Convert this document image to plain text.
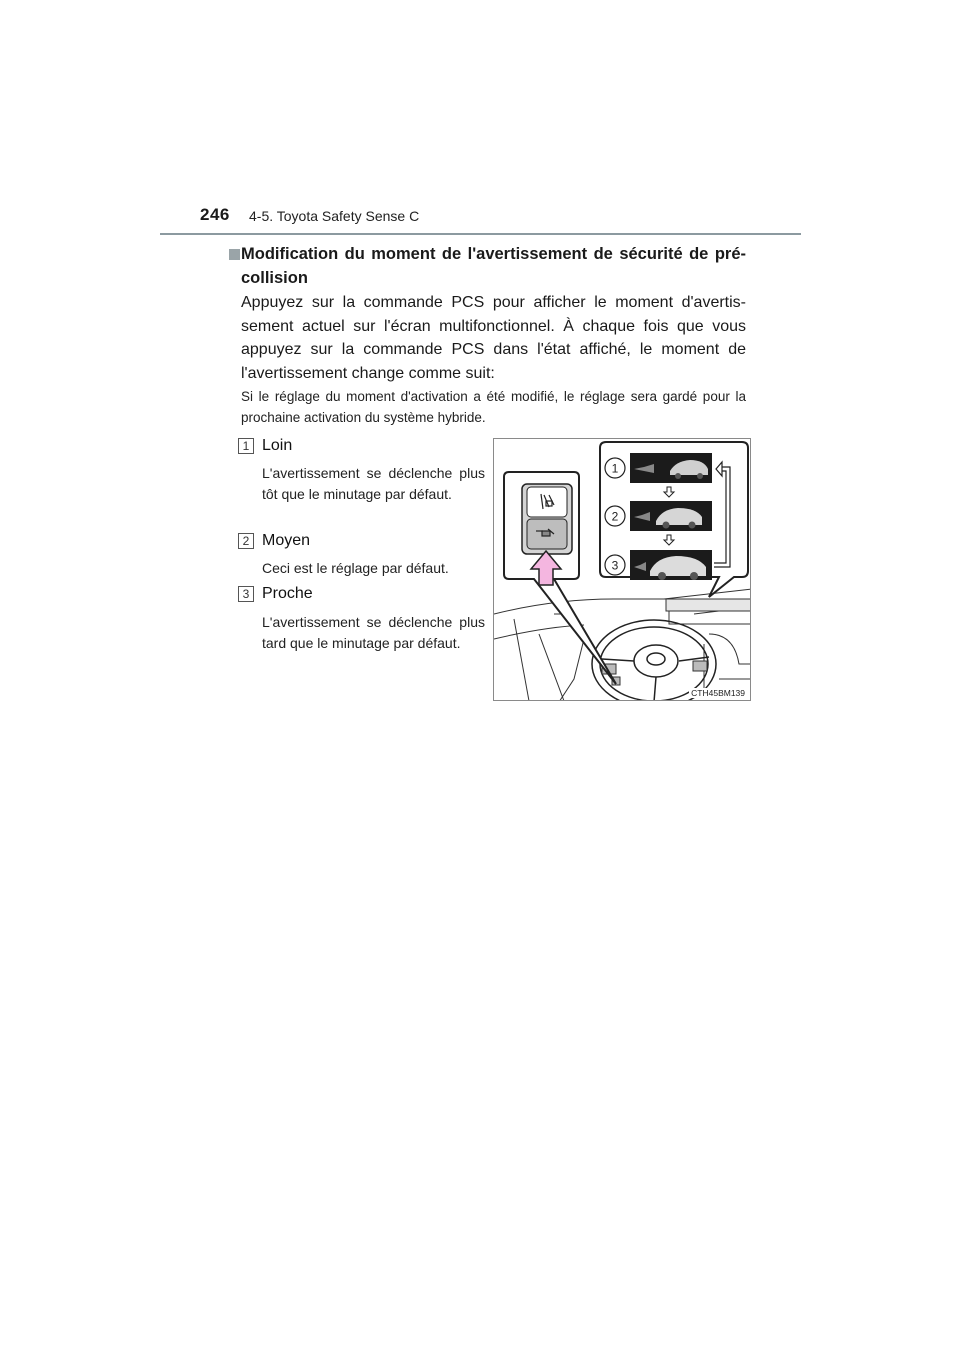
246 4-5. Toyota Safety Sense C
Modification du moment de l'avertissement de sécurité de pré-collision
Appuyez sur la commande PCS pour afficher le moment d'avertis-sement actuel sur l'écran multifonctionnel. À chaque fois que vous appuyez sur la commande PCS dans l'état affiché, le moment de l'avertissement change comme suit:
Si le réglage du moment d'activation a été modifié, le réglage sera gardé pour la prochaine activation du système hybride.
1 Loin
L'avertissement se déclenche plus tôt que le minutage par défaut.
2 Moyen
Ceci est le réglage par défaut.
3 Proche
L'avertissement se déclenche plus tard que le minutage par défaut.
1
2
3
CTH45BM139
